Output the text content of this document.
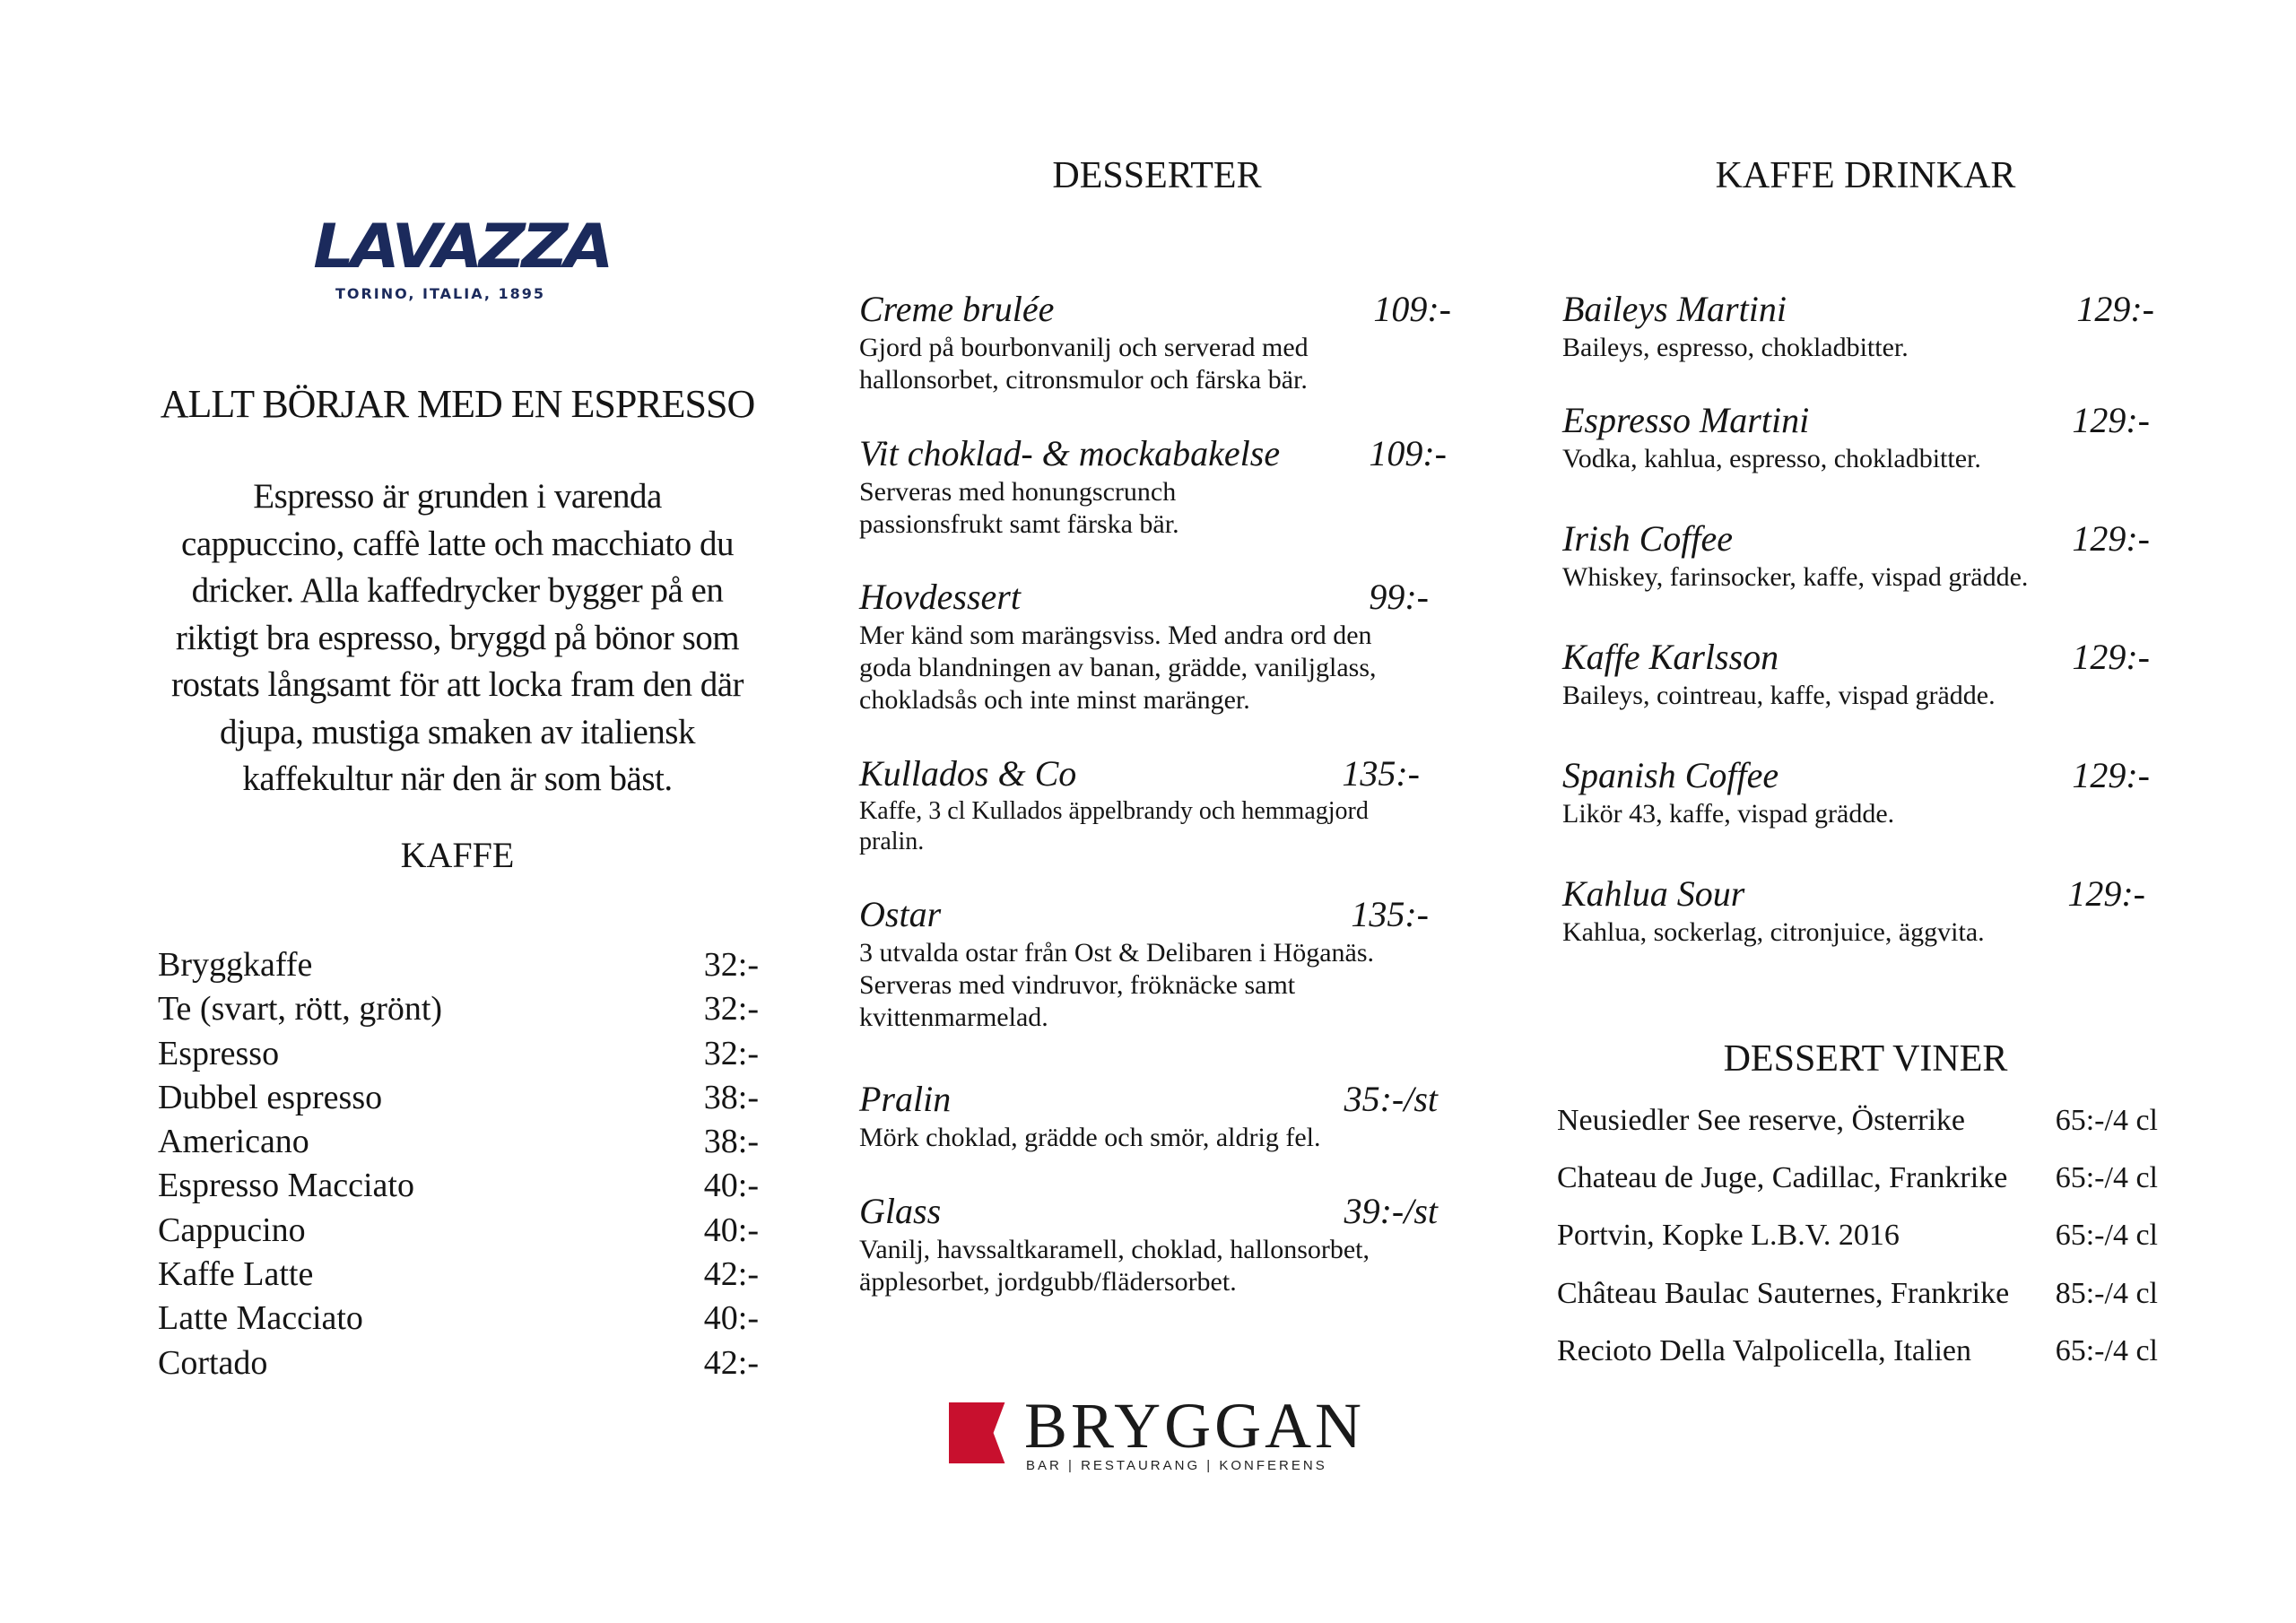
LAVAZZA
TORINO, ITALIA, 1895
ALLT BÖRJAR MED EN ESPRESSO
Espresso är grunden i varenda
cappuccino, caffè latte och macchiato du
dricker. Alla kaffedrycker bygger på en
riktigt bra espresso, bryggd på bönor som
rostats långsamt för att locka fram den där
djupa, mustiga smaken av italiensk
kaffekultur när den är som bäst.
KAFFE
Bryggkaffe	32:-
Te (svart, rött, grönt)	32:-
Espresso	32:-
Dubbel espresso	38:-
Americano	38:-
Espresso Macciato	40:-
Cappucino	40:-
Kaffe Latte	42:-
Latte Macciato	40:-
Cortado	42:-
DESSERTER
Creme brulée	109:-
Gjord på bourbonvanilj och serverad med
hallonsorbet, citronsmulor och färska bär.
Vit choklad- & mockabakelse 109:-
Serveras med honungscrunch
passionsfrukt samt färska bär.
Hovdessert	99:-
Mer känd som marängsviss. Med andra ord den
goda blandningen av banan, grädde, vaniljglass,
chokladsås och inte minst maränger.
Kullados & Co	135:-
Kaffe, 3 cl Kullados äppelbrandy och hemmagjord
pralin.
Ostar	135:-
3 utvalda ostar från Ost & Delibaren i Höganäs.
Serveras med vindruvor, fröknäcke samt
kvittenmarmelad.
Pralin	35:-/st
Mörk choklad, grädde och smör, aldrig fel.
Glass	39:-/st
Vanilj, havssaltkaramell, choklad, hallonsorbet,
äpplesorbet, jordgubb/flädersorbet.
KAFFE DRINKAR
Baileys Martini	129:-
Baileys, espresso, chokladbitter.
Espresso Martini	129:-
Vodka, kahlua, espresso, chokladbitter.
Irish Coffee	129:-
Whiskey, farinsocker, kaffe, vispad grädde.
Kaffe Karlsson	129:-
Baileys, cointreau, kaffe, vispad grädde.
Spanish Coffee	129:-
Likör 43, kaffe, vispad grädde.
Kahlua Sour	129:-
Kahlua, sockerlag, citronjuice, äggvita.
DESSERT VINER
Neusiedler See reserve, Österrike	65:-/4 cl
Chateau de Juge, Cadillac, Frankrike 65:-/4 cl
Portvin, Kopke L.B.V. 2016	65:-/4 cl
Château Baulac Sauternes, Frankrike 85:-/4 cl
Recioto Della Valpolicella, Italien	65:-/4 cl
BRYGGAN
BAR | RESTAURANG | KONFERENS
